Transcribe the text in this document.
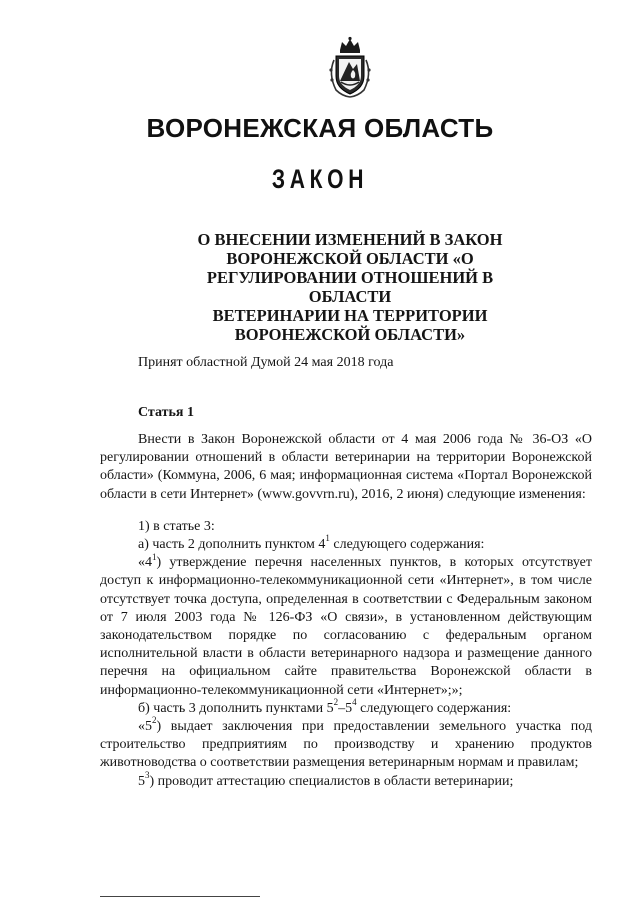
ВОРОНЕЖСКАЯ ОБЛАСТЬ
ЗАКОН
О ВНЕСЕНИИ ИЗМЕНЕНИЙ В ЗАКОН
ВОРОНЕЖСКОЙ ОБЛАСТИ «О
РЕГУЛИРОВАНИИ ОТНОШЕНИЙ В ОБЛАСТИ
ВЕТЕРИНАРИИ НА ТЕРРИТОРИИ
ВОРОНЕЖСКОЙ ОБЛАСТИ»

Принят областной Думой 24 мая 2018 года

Статья 1

Внести в Закон Воронежской области от 4 мая 2006 года № 36-ОЗ «О регулировании отношений в области ветеринарии на территории Воронежской области» (Коммуна, 2006, 6 мая; информационная система «Портал Воронежской области в сети Интернет» (www.govvrn.ru), 2016, 2 июня) следующие изменения:

1) в статье 3:

а) часть 2 дополнить пунктом $4^1$ следующего содержания:

«$4^1$) утверждение перечня населенных пунктов, в которых отсутствует доступ к информационно-телекоммуникационной сети «Интернет», в том числе отсутствует точка доступа, определенная в соответствии с Федеральным законом от 7 июля 2003 года № 126-ФЗ «О связи», в установленном действующим законодательством порядке по согласованию с федеральным органом исполнительной власти в области ветеринарного надзора и размещение данного перечня на официальном сайте правительства Воронежской области в информационно-телекоммуникационной сети «Интернет»;»;

б) часть 3 дополнить пунктами $5^2-5^4$ следующего содержания:

«$5^2$) выдает заключения при предоставлении земельного участка под строительство предприятиям по производству и хранению продуктов животноводства о соответствии размещения ветеринарным нормам и правилам;

$5^3$) проводит аттестацию специалистов в области ветеринарии;
